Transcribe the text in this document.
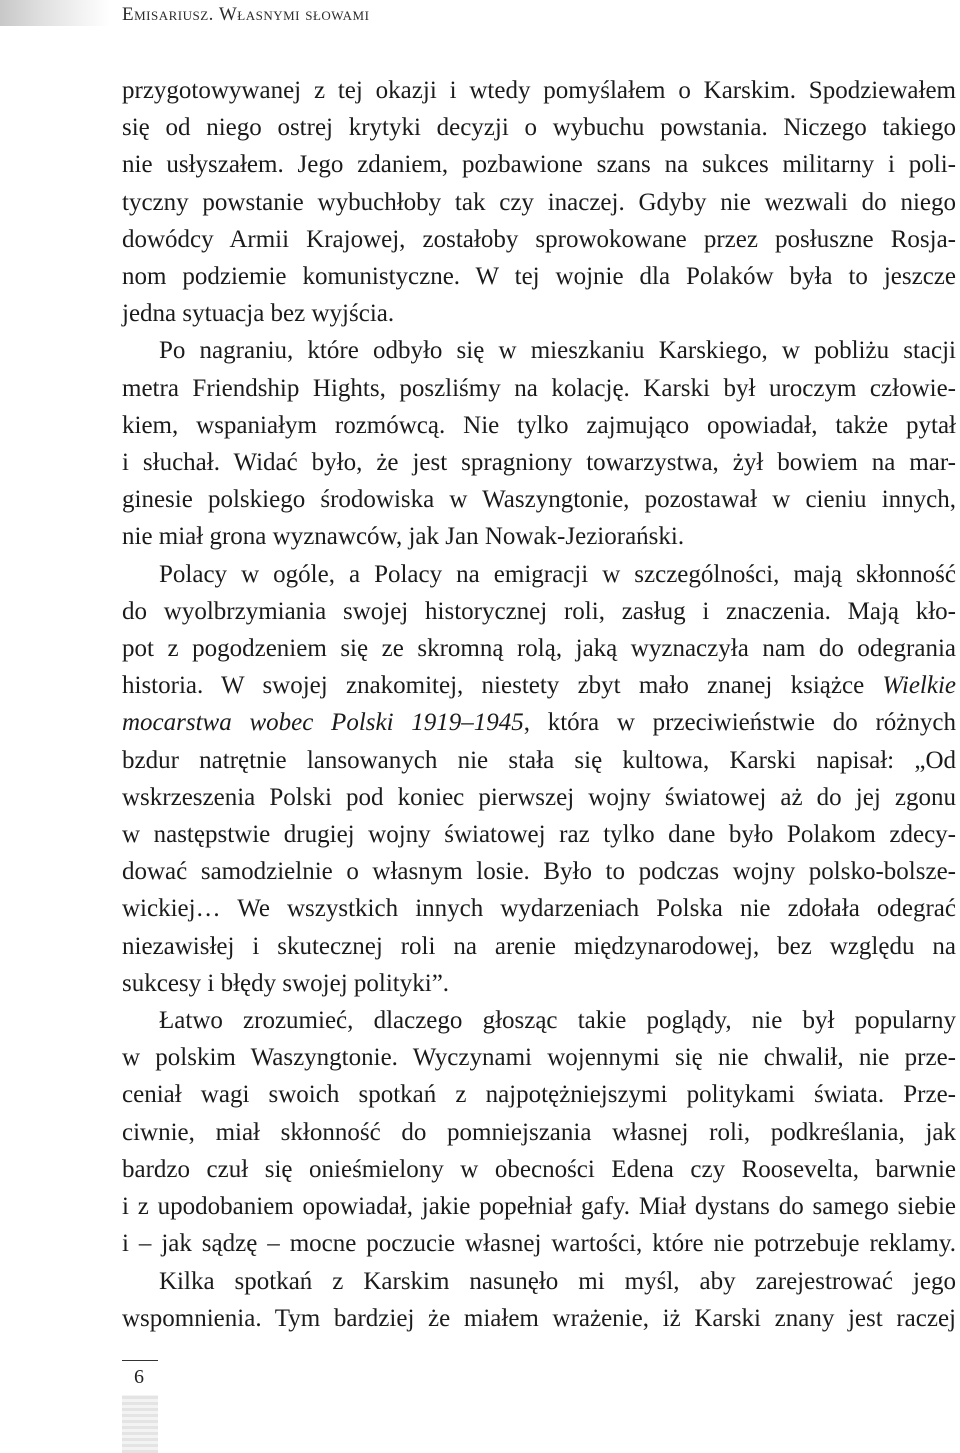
Emisariusz. Własnymi słowami

przygotowywanej z tej okazji i wtedy pomyślałem o Karskim. Spodziewałem
się od niego ostrej krytyki decyzji o wybuchu powstania. Niczego takiego
nie usłyszałem. Jego zdaniem, pozbawione szans na sukces militarny i poli-
tyczny powstanie wybuchłoby tak czy inaczej. Gdyby nie wezwali do niego
dowódcy Armii Krajowej, zostałoby sprowokowane przez posłuszne Rosja-
nom podziemie komunistyczne. W tej wojnie dla Polaków była to jeszcze
jedna sytuacja bez wyjścia.

Po nagraniu, które odbyło się w mieszkaniu Karskiego, w pobliżu stacji
metra Friendship Hights, poszliśmy na kolację. Karski był uroczym człowie-
kiem, wspaniałym rozmówcą. Nie tylko zajmująco opowiadał, także pytał
i słuchał. Widać było, że jest spragniony towarzystwa, żył bowiem na mar-
ginesie polskiego środowiska w Waszyngtonie, pozostawał w cieniu innych,
nie miał grona wyznawców, jak Jan Nowak-Jeziorański.

Polacy w ogóle, a Polacy na emigracji w szczególności, mają skłonność
do wyolbrzymiania swojej historycznej roli, zasług i znaczenia. Mają kło-
pot z pogodzeniem się ze skromną rolą, jaką wyznaczyła nam do odegrania
historia. W swojej znakomitej, niestety zbyt mało znanej książce Wielkie
mocarstwa wobec Polski 1919–1945, która w przeciwieństwie do różnych
bzdur natrętnie lansowanych nie stała się kultowa, Karski napisał: „Od
wskrzeszenia Polski pod koniec pierwszej wojny światowej aż do jej zgonu
w następstwie drugiej wojny światowej raz tylko dane było Polakom zdecy-
dować samodzielnie o własnym losie. Było to podczas wojny polsko-bolsze-
wickiej… We wszystkich innych wydarzeniach Polska nie zdołała odegrać
niezawisłej i skutecznej roli na arenie międzynarodowej, bez względu na
sukcesy i błędy swojej polityki”.

Łatwo zrozumieć, dlaczego głosząc takie poglądy, nie był popularny
w polskim Waszyngtonie. Wyczynami wojennymi się nie chwalił, nie prze-
ceniał wagi swoich spotkań z najpotężniejszymi politykami świata. Prze-
ciwnie, miał skłonność do pomniejszania własnej roli, podkreślania, jak
bardzo czuł się onieśmielony w obecności Edena czy Roosevelta, barwnie
i z upodobaniem opowiadał, jakie popełniał gafy. Miał dystans do samego siebie
i – jak sądzę – mocne poczucie własnej wartości, które nie potrzebuje reklamy.

Kilka spotkań z Karskim nasunęło mi myśl, aby zarejestrować jego
wspomnienia. Tym bardziej że miałem wrażenie, iż Karski znany jest raczej

6
